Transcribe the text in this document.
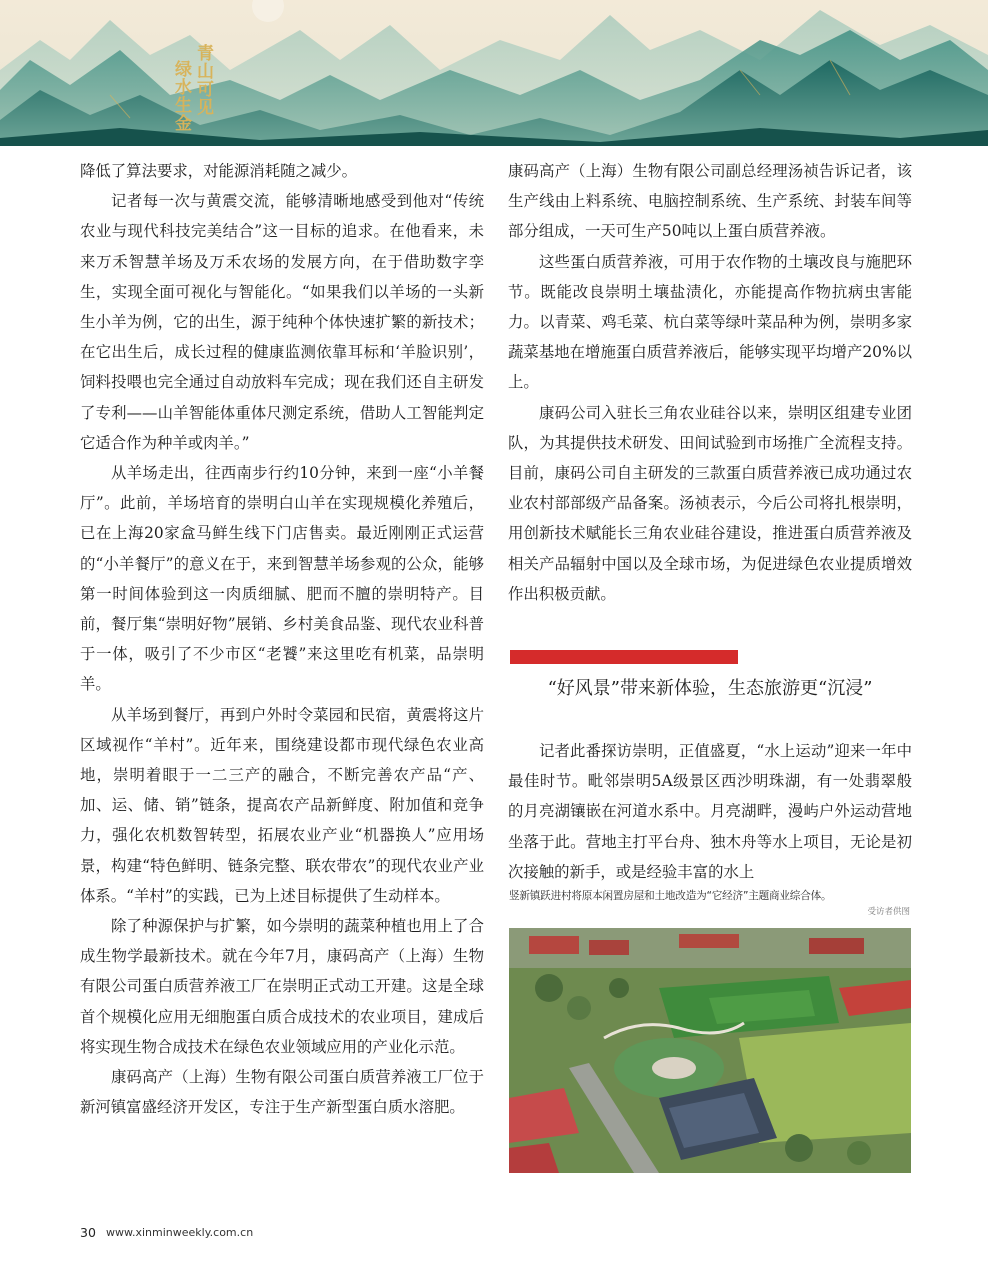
青山可见
绿水生金

降低了算法要求，对能源消耗随之减少。

记者每一次与黄震交流，能够清晰地感受到他对“传统农业与现代科技完美结合”这一目标的追求。在他看来，未来万禾智慧羊场及万禾农场的发展方向，在于借助数字孪生，实现全面可视化与智能化。“如果我们以羊场的一头新生小羊为例，它的出生，源于纯种个体快速扩繁的新技术；在它出生后，成长过程的健康监测依靠耳标和‘羊脸识别’，饲料投喂也完全通过自动放料车完成；现在我们还自主研发了专利——山羊智能体重体尺测定系统，借助人工智能判定它适合作为种羊或肉羊。”

从羊场走出，往西南步行约10分钟，来到一座“小羊餐厅”。此前，羊场培育的崇明白山羊在实现规模化养殖后，已在上海20家盒马鲜生线下门店售卖。最近刚刚正式运营的“小羊餐厅”的意义在于，来到智慧羊场参观的公众，能够第一时间体验到这一肉质细腻、肥而不膻的崇明特产。目前，餐厅集“崇明好物”展销、乡村美食品鉴、现代农业科普于一体，吸引了不少市区“老饕”来这里吃有机菜，品崇明羊。

从羊场到餐厅，再到户外时令菜园和民宿，黄震将这片区域视作“羊村”。近年来，围绕建设都市现代绿色农业高地，崇明着眼于一二三产的融合，不断完善农产品“产、加、运、储、销”链条，提高农产品新鲜度、附加值和竞争力，强化农机数智转型，拓展农业产业“机器换人”应用场景，构建“特色鲜明、链条完整、联农带农”的现代农业产业体系。“羊村”的实践，已为上述目标提供了生动样本。

除了种源保护与扩繁，如今崇明的蔬菜种植也用上了合成生物学最新技术。就在今年7月，康码高产（上海）生物有限公司蛋白质营养液工厂在崇明正式动工开建。这是全球首个规模化应用无细胞蛋白质合成技术的农业项目，建成后将实现生物合成技术在绿色农业领域应用的产业化示范。

康码高产（上海）生物有限公司蛋白质营养液工厂位于新河镇富盛经济开发区，专注于生产新型蛋白质水溶肥。

康码高产（上海）生物有限公司副总经理汤祯告诉记者，该生产线由上料系统、电脑控制系统、生产系统、封装车间等部分组成，一天可生产50吨以上蛋白质营养液。

这些蛋白质营养液，可用于农作物的土壤改良与施肥环节。既能改良崇明土壤盐渍化，亦能提高作物抗病虫害能力。以青菜、鸡毛菜、杭白菜等绿叶菜品种为例，崇明多家蔬菜基地在增施蛋白质营养液后，能够实现平均增产20%以上。

康码公司入驻长三角农业硅谷以来，崇明区组建专业团队，为其提供技术研发、田间试验到市场推广全流程支持。目前，康码公司自主研发的三款蛋白质营养液已成功通过农业农村部部级产品备案。汤祯表示，今后公司将扎根崇明，用创新技术赋能长三角农业硅谷建设，推进蛋白质营养液及相关产品辐射中国以及全球市场，为促进绿色农业提质增效作出积极贡献。

“好风景”带来新体验，生态旅游更“沉浸”

记者此番探访崇明，正值盛夏，“水上运动”迎来一年中最佳时节。毗邻崇明5A级景区西沙明珠湖，有一处翡翠般的月亮湖镶嵌在河道水系中。月亮湖畔，漫屿户外运动营地坐落于此。营地主打平台舟、独木舟等水上项目，无论是初次接触的新手，或是经验丰富的水上

竖新镇跃进村将原本闲置房屋和土地改造为“它经济”主题商业综合体。
受访者供图
30 www.xinminweekly.com.cn
